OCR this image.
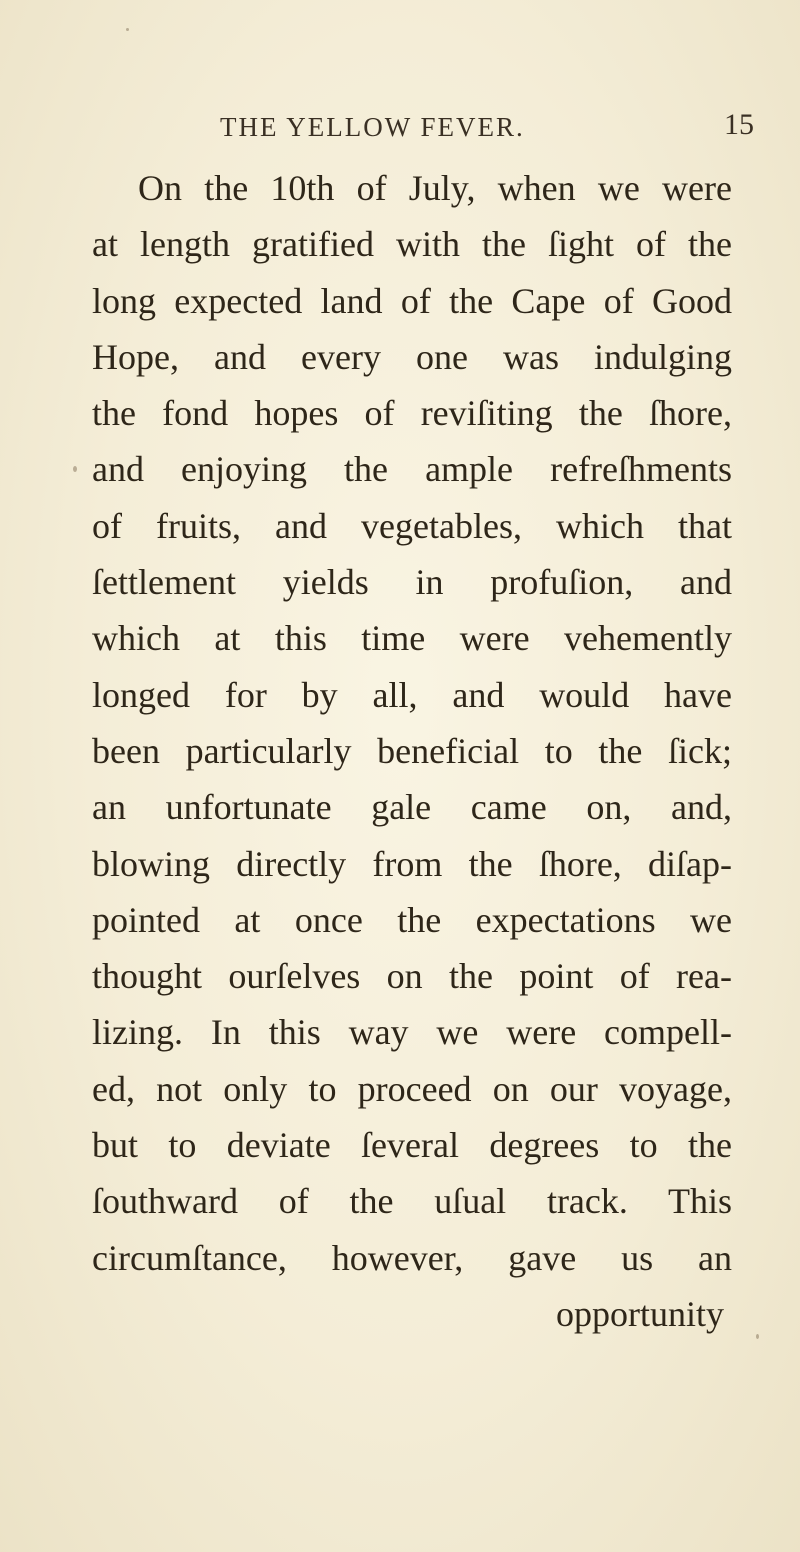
THE YELLOW FEVER.	15
On the 10th of July, when we were
at length gratified with the ſight of the
long expected land of the Cape of Good
Hope, and every one was indulging
the fond hopes of reviſiting the ſhore,
and enjoying the ample refreſhments
of fruits, and vegetables, which that
ſettlement yields in profuſion, and
which at this time were vehemently
longed for by all, and would have
been particularly beneficial to the ſick;
an unfortunate gale came on, and,
blowing directly from the ſhore, diſap-
pointed at once the expectations we
thought ourſelves on the point of rea-
lizing. In this way we were compell-
ed, not only to proceed on our voyage,
but to deviate ſeveral degrees to the
ſouthward of the uſual track. This
circumſtance, however, gave us an
opportunity
